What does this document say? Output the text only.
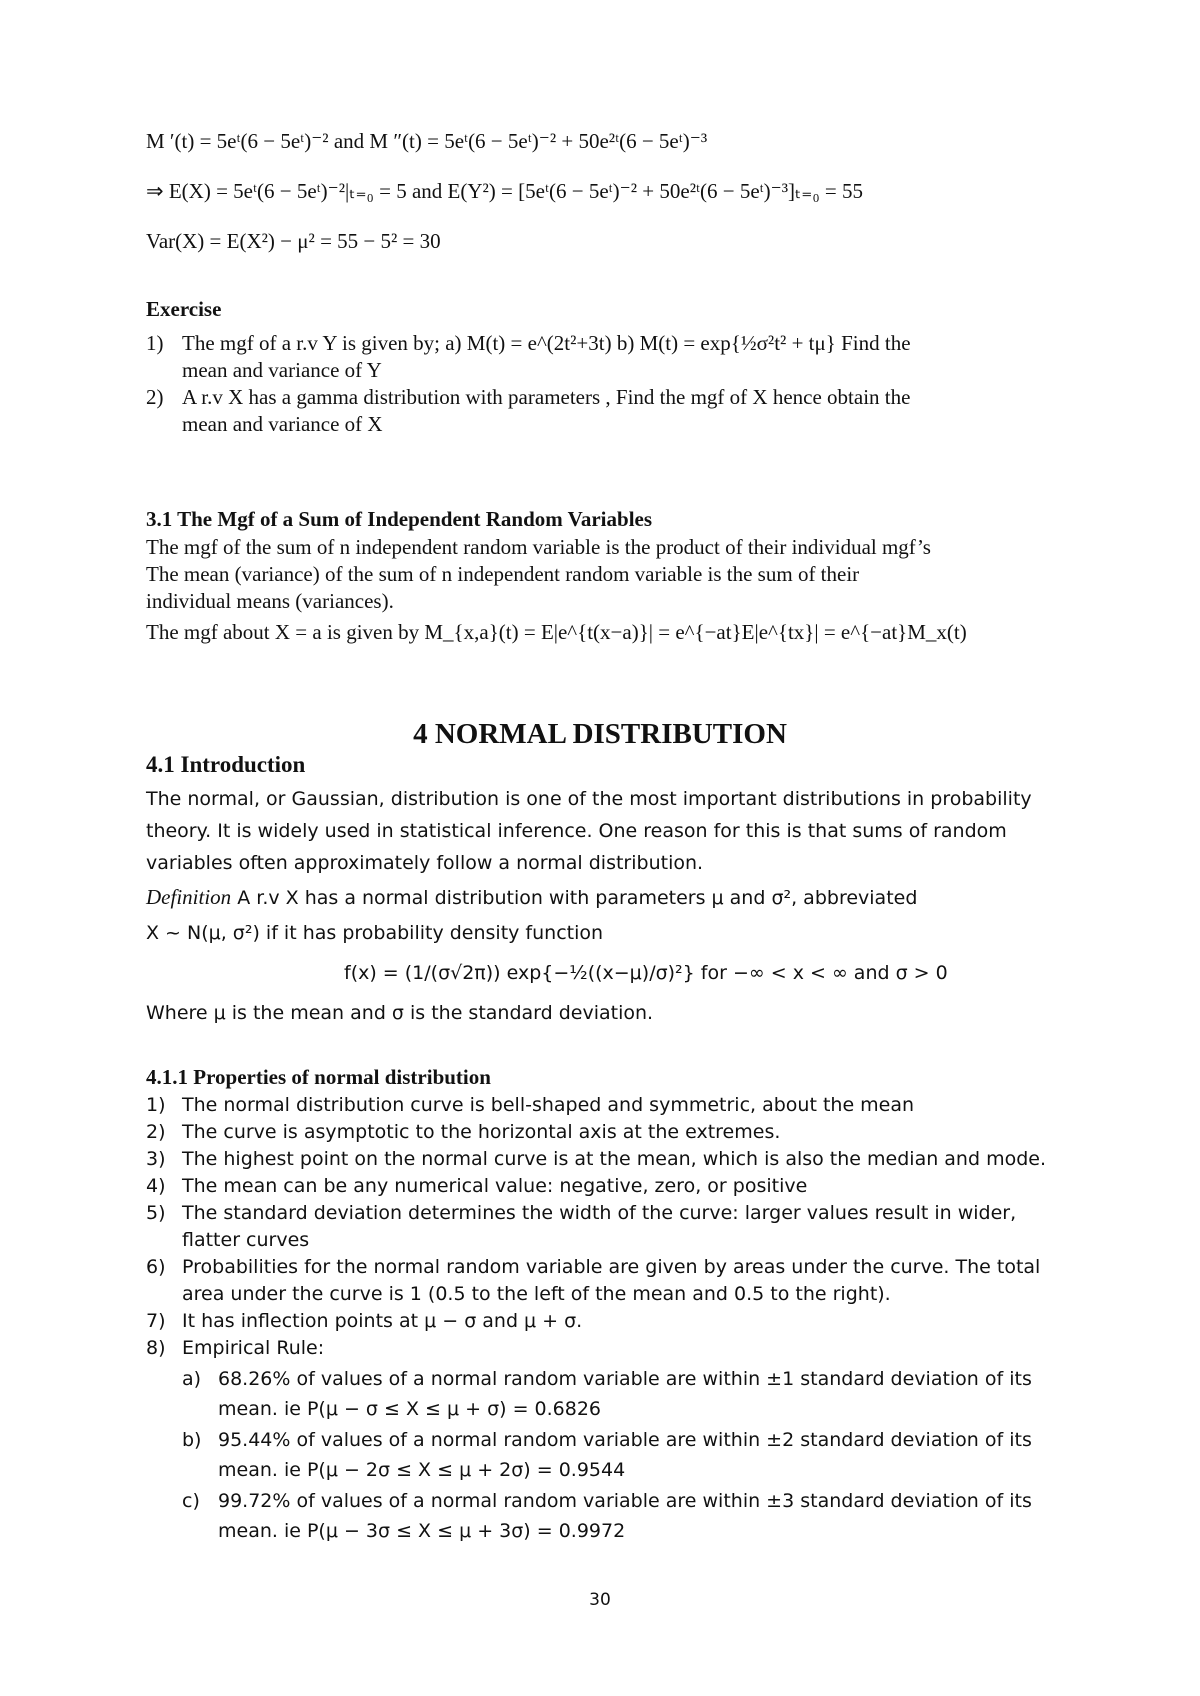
M ′(t) = 5eᵗ(6 − 5eᵗ)⁻² and M ″(t) = 5eᵗ(6 − 5eᵗ)⁻² + 50e²ᵗ(6 − 5eᵗ)⁻³
⇒ E(X) = 5eᵗ(6 − 5eᵗ)⁻²|ₜ₌₀ = 5 and E(Y²) = [5eᵗ(6 − 5eᵗ)⁻² + 50e²ᵗ(6 − 5eᵗ)⁻³]ₜ₌₀ = 55
Var(X) = E(X²) − μ² = 55 − 5² = 30
Exercise
1) The mgf of a r.v Y is given by; a) M(t) = e^(2t²+3t) b) M(t) = exp{½σ²t² + tμ} Find the
mean and variance of Y
2) A r.v X has a gamma distribution with parameters , Find the mgf of X hence obtain the
mean and variance of X
3.1 The Mgf of a Sum of Independent Random Variables
The mgf of the sum of n independent random variable is the product of their individual mgf’s
The mean (variance) of the sum of n independent random variable is the sum of their
individual means (variances).
The mgf about X = a is given by M_{x,a}(t) = E|e^{t(x−a)}| = e^{−at}E|e^{tx}| = e^{−at}M_x(t)
4 NORMAL DISTRIBUTION
4.1 Introduction
The normal, or Gaussian, distribution is one of the most important distributions in probability
theory. It is widely used in statistical inference. One reason for this is that sums of random
variables often approximately follow a normal distribution.
Definition A r.v X has a normal distribution with parameters μ and σ², abbreviated
X ~ N(μ, σ²) if it has probability density function
f(x) = (1/(σ√2π)) exp{−½((x−μ)/σ)²} for −∞ < x < ∞ and σ > 0
Where μ is the mean and σ is the standard deviation.
4.1.1 Properties of normal distribution
1) The normal distribution curve is bell-shaped and symmetric, about the mean
2) The curve is asymptotic to the horizontal axis at the extremes.
3) The highest point on the normal curve is at the mean, which is also the median and mode.
4) The mean can be any numerical value: negative, zero, or positive
5) The standard deviation determines the width of the curve: larger values result in wider,
flatter curves
6) Probabilities for the normal random variable are given by areas under the curve. The total
area under the curve is 1 (0.5 to the left of the mean and 0.5 to the right).
7) It has inflection points at μ − σ and μ + σ.
8) Empirical Rule:
a) 68.26% of values of a normal random variable are within ±1 standard deviation of its
mean. ie P(μ − σ ≤ X ≤ μ + σ) = 0.6826
b) 95.44% of values of a normal random variable are within ±2 standard deviation of its
mean. ie P(μ − 2σ ≤ X ≤ μ + 2σ) = 0.9544
c) 99.72% of values of a normal random variable are within ±3 standard deviation of its
mean. ie P(μ − 3σ ≤ X ≤ μ + 3σ) = 0.9972
30
